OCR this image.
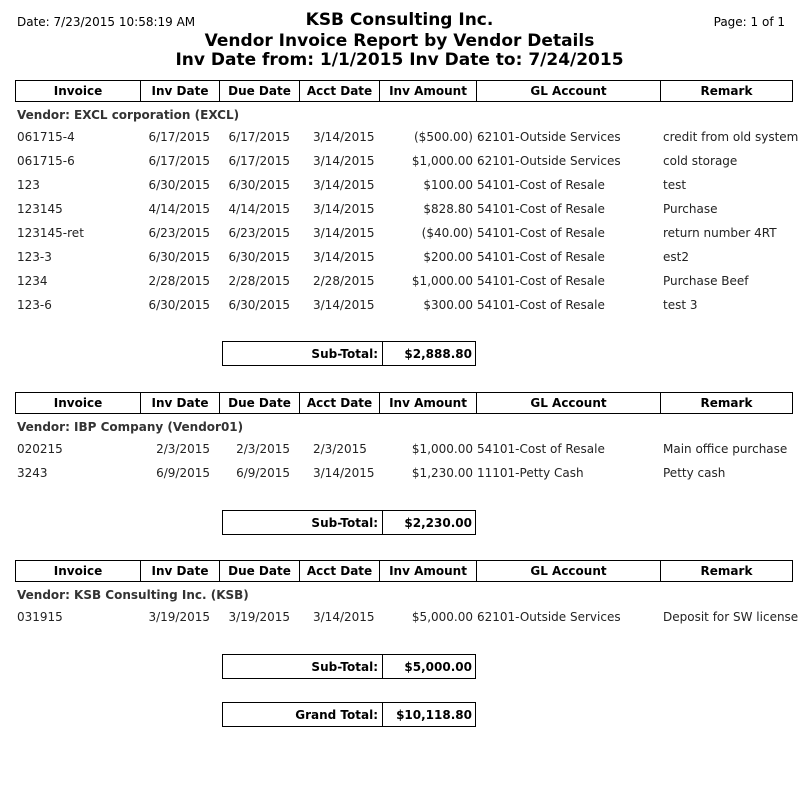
Date: 7/23/2015 10:58:19 AM	Page: 1 of 1
KSB Consulting Inc.
Vendor Invoice Report by Vendor Details
Inv Date from: 1/1/2015 Inv Date to: 7/24/2015
Invoice	Inv Date	Due Date	Acct Date	Inv Amount	GL Account	Remark
Vendor: EXCL corporation (EXCL)
061715-4	6/17/2015 6/17/2015 3/14/2015	($500.00) 62101-Outside Services	credit from old system
061715-6	6/17/2015 6/17/2015 3/14/2015	$1,000.00 62101-Outside Services	cold storage
123	6/30/2015 6/30/2015 3/14/2015	$100.00 54101-Cost of Resale	test
123145	4/14/2015 4/14/2015 3/14/2015	$828.80 54101-Cost of Resale	Purchase
123145-ret	6/23/2015 6/23/2015 3/14/2015	($40.00) 54101-Cost of Resale	return number 4RT
123-3	6/30/2015 6/30/2015 3/14/2015	$200.00 54101-Cost of Resale	est2
1234	2/28/2015 2/28/2015 2/28/2015	$1,000.00 54101-Cost of Resale	Purchase Beef
123-6	6/30/2015 6/30/2015 3/14/2015	$300.00 54101-Cost of Resale	test 3
Sub-Total:	$2,888.80
Invoice	Inv Date	Due Date	Acct Date	Inv Amount	GL Account	Remark
Vendor: IBP Company (Vendor01)
020215	2/3/2015 2/3/2015 2/3/2015	$1,000.00 54101-Cost of Resale	Main office purchase
3243	6/9/2015 6/9/2015 3/14/2015	$1,230.00 11101-Petty Cash	Petty cash
Sub-Total:	$2,230.00
Invoice	Inv Date	Due Date	Acct Date	Inv Amount	GL Account	Remark
Vendor: KSB Consulting Inc. (KSB)
031915	3/19/2015 3/19/2015 3/14/2015	$5,000.00 62101-Outside Services	Deposit for SW license
Sub-Total:	$5,000.00
Grand Total:	$10,118.80
